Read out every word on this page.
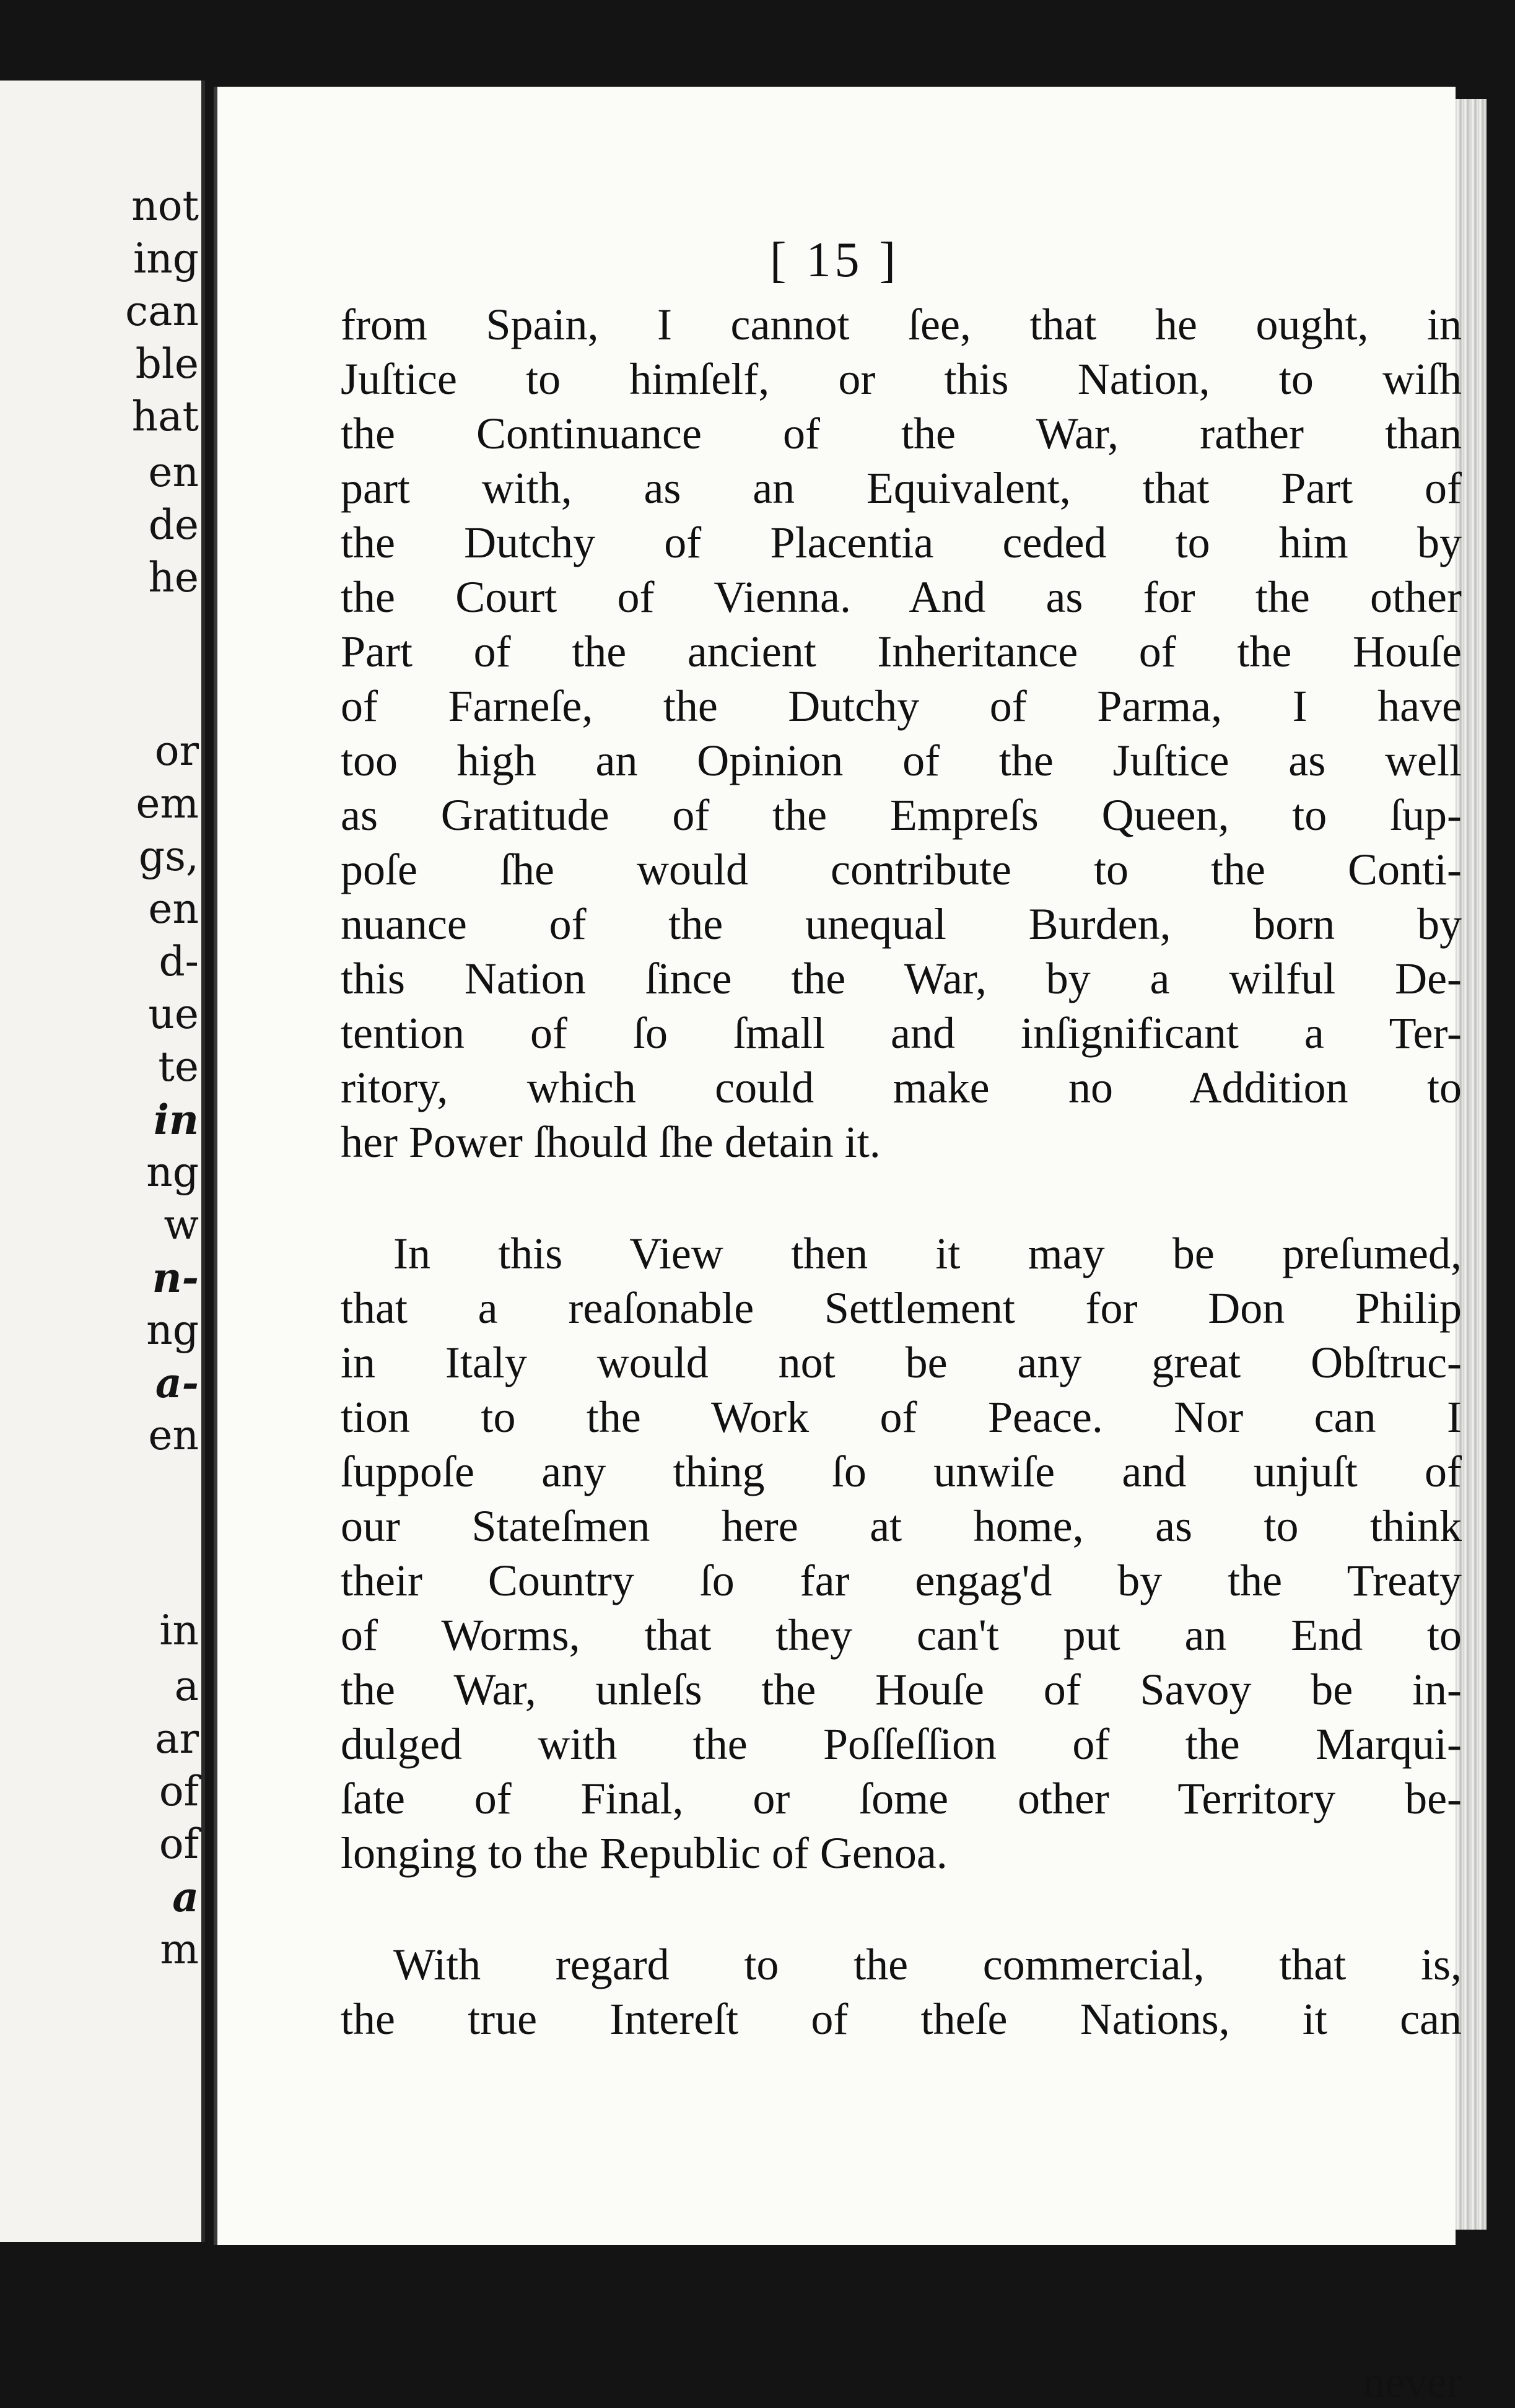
not
ing
can
ble
hat
en
de
he
or
em
gs,
en
d-
ue
te
in
ng
w
n-
ng
a-
en
in
a
ar
of
of
a
m
[ 15 ]
from Spain, I cannot ſee, that he ought, in
Juſtice to himſelf, or this Nation, to wiſh
the Continuance of the War, rather than
part with, as an Equivalent, that Part of
the Dutchy of Placentia ceded to him by
the Court of Vienna. And as for the other
Part of the ancient Inheritance of the Houſe
of Farneſe, the Dutchy of Parma, I have
too high an Opinion of the Juſtice as well
as Gratitude of the Empreſs Queen, to ſup-
poſe ſhe would contribute to the Conti-
nuance of the unequal Burden, born by
this Nation ſince the War, by a wilful De-
tention of ſo ſmall and inſignificant a Ter-
ritory, which could make no Addition to
her Power ſhould ſhe detain it.
In this View then it may be preſumed,
that a reaſonable Settlement for Don Philip
in Italy would not be any great Obſtruc-
tion to the Work of Peace. Nor can I
ſuppoſe any thing ſo unwiſe and unjuſt of
our Stateſmen here at home, as to think
their Country ſo far engag'd by the Treaty
of Worms, that they can't put an End to
the War, unleſs the Houſe of Savoy be in-
dulged with the Poſſeſſion of the Marqui-
ſate of Final, or ſome other Territory be-
longing to the Republic of Genoa.
With regard to the commercial, that is,
the true Intereſt of theſe Nations, it can
never
